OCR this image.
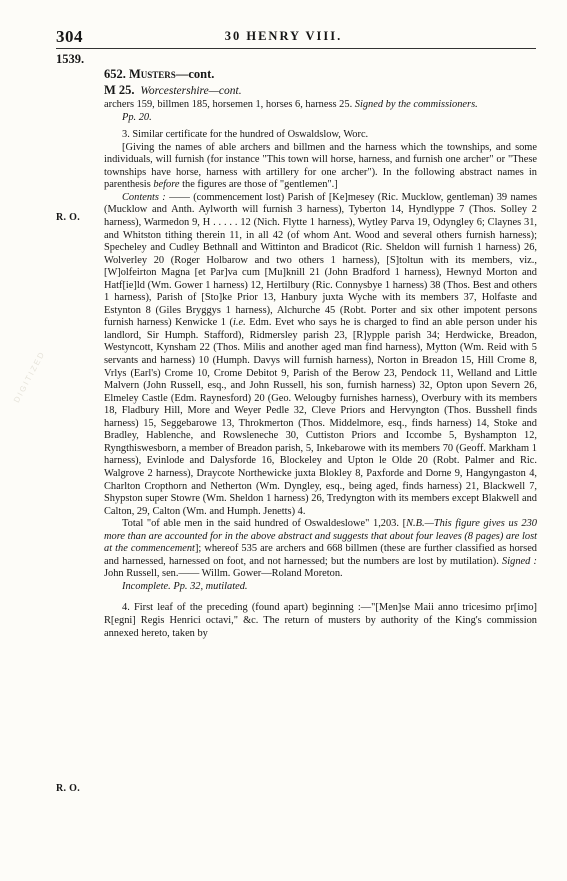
304	30 HENRY VIII.
1539.
DIGITIZED
R. O.
R. O.
652. Musters—cont.
M 25. Worcestershire—cont.

archers 159, billmen 185, horsemen 1, horses 6, harness 25. Signed by the commissioners.

Pp. 20.

3. Similar certificate for the hundred of Oswaldslow, Worc.

[Giving the names of able archers and billmen and the harness which the townships, and some individuals, will furnish (for instance "This town will horse, harness, and furnish one archer" or "These townships have horse, harness with artillery for one archer"). In the following abstract names in parenthesis before the figures are those of "gentlemen".]

Contents : —— (commencement lost) Parish of [Ke]mesey (Ric. Mucklow, gentleman) 39 names (Mucklow and Anth. Aylworth will furnish 3 harness), Tyberton 14, Hyndlyppe 7 (Thos. Solley 2 harness), Warmedon 9, H . . . . . 12 (Nich. Flytte 1 harness), Wytley Parva 19, Odyngley 6; Claynes 31, and Whitston tithing therein 11, in all 42 (of whom Ant. Wood and several others furnish harness); Specheley and Cudley Bethnall and Wittinton and Bradicot (Ric. Sheldon will furnish 1 harness) 26, Wolverley 20 (Roger Holbarow and two others 1 harness), [S]toltun with its members, viz., [W]olfeirton Magna [et Par]va cum [Mu]knill 21 (John Bradford 1 harness), Hewnyd Morton and Hatf[ie]ld (Wm. Gower 1 harness) 12, Hertilbury (Ric. Connysbye 1 harness) 38 (Thos. Best and others 1 harness), Parish of [Sto]ke Prior 13, Hanbury juxta Wyche with its members 37, Holfaste and Estynton 8 (Giles Bryggys 1 harness), Alchurche 45 (Robt. Porter and six other impotent persons furnish harness) Kenwicke 1 (i.e. Edm. Evet who says he is charged to find an able person under his landlord, Sir Humph. Stafford), Ridmersley parish 23, [R]ypple parish 34; Herdwicke, Breadon, Westyncott, Kynsham 22 (Thos. Milis and another aged man find harness), Mytton (Wm. Reid with 5 servants and harness) 10 (Humph. Davys will furnish harness), Norton in Breadon 15, Hill Crome 8, Vrlys (Earl's) Crome 10, Crome Debitot 9, Parish of the Berow 23, Pendock 11, Welland and Little Malvern (John Russell, esq., and John Russell, his son, furnish harness) 32, Opton upon Severn 26, Elmeley Castle (Edm. Raynesford) 20 (Geo. Welougby furnishes harness), Overbury with its members 18, Fladbury Hill, More and Weyer Pedle 32, Cleve Priors and Hervyngton (Thos. Busshell finds harness) 15, Seggebarowe 13, Throkmerton (Thos. Middelmore, esq., finds harness) 14, Stoke and Bradley, Hablenche, and Rowsleneche 30, Cuttiston Priors and Iccombe 5, Byshampton 12, Ryngthiswesborn, a member of Breadon parish, 5, Inkebarowe with its members 70 (Geoff. Markham 1 harness), Evinlode and Dalysforde 16, Blockeley and Upton le Olde 20 (Robt. Palmer and Ric. Walgrove 2 harness), Draycote Northewicke juxta Blokley 8, Paxforde and Dorne 9, Hangyngaston 4, Charlton Cropthorn and Netherton (Wm. Dyngley, esq., being aged, finds harness) 21, Blackwell 7, Shypston super Stowre (Wm. Sheldon 1 harness) 26, Tredyngton with its members except Blakwell and Calton, 29, Calton (Wm. and Humph. Jenetts) 4.

Total "of able men in the said hundred of Oswaldeslowe" 1,203. [N.B.—This figure gives us 230 more than are accounted for in the above abstract and suggests that about four leaves (8 pages) are lost at the commencement]; whereof 535 are archers and 668 billmen (these are further classified as horsed and harnessed, harnessed on foot, and not harnessed; but the numbers are lost by mutilation). Signed : John Russell, sen.—— Willm. Gower—Roland Moreton.

Incomplete. Pp. 32, mutilated.

4. First leaf of the preceding (found apart) beginning :—"[Men]se Maii anno tricesimo pr[imo] R[egni] Regis Henrici octavi," &c. The return of musters by authority of the King's commission annexed hereto, taken by
